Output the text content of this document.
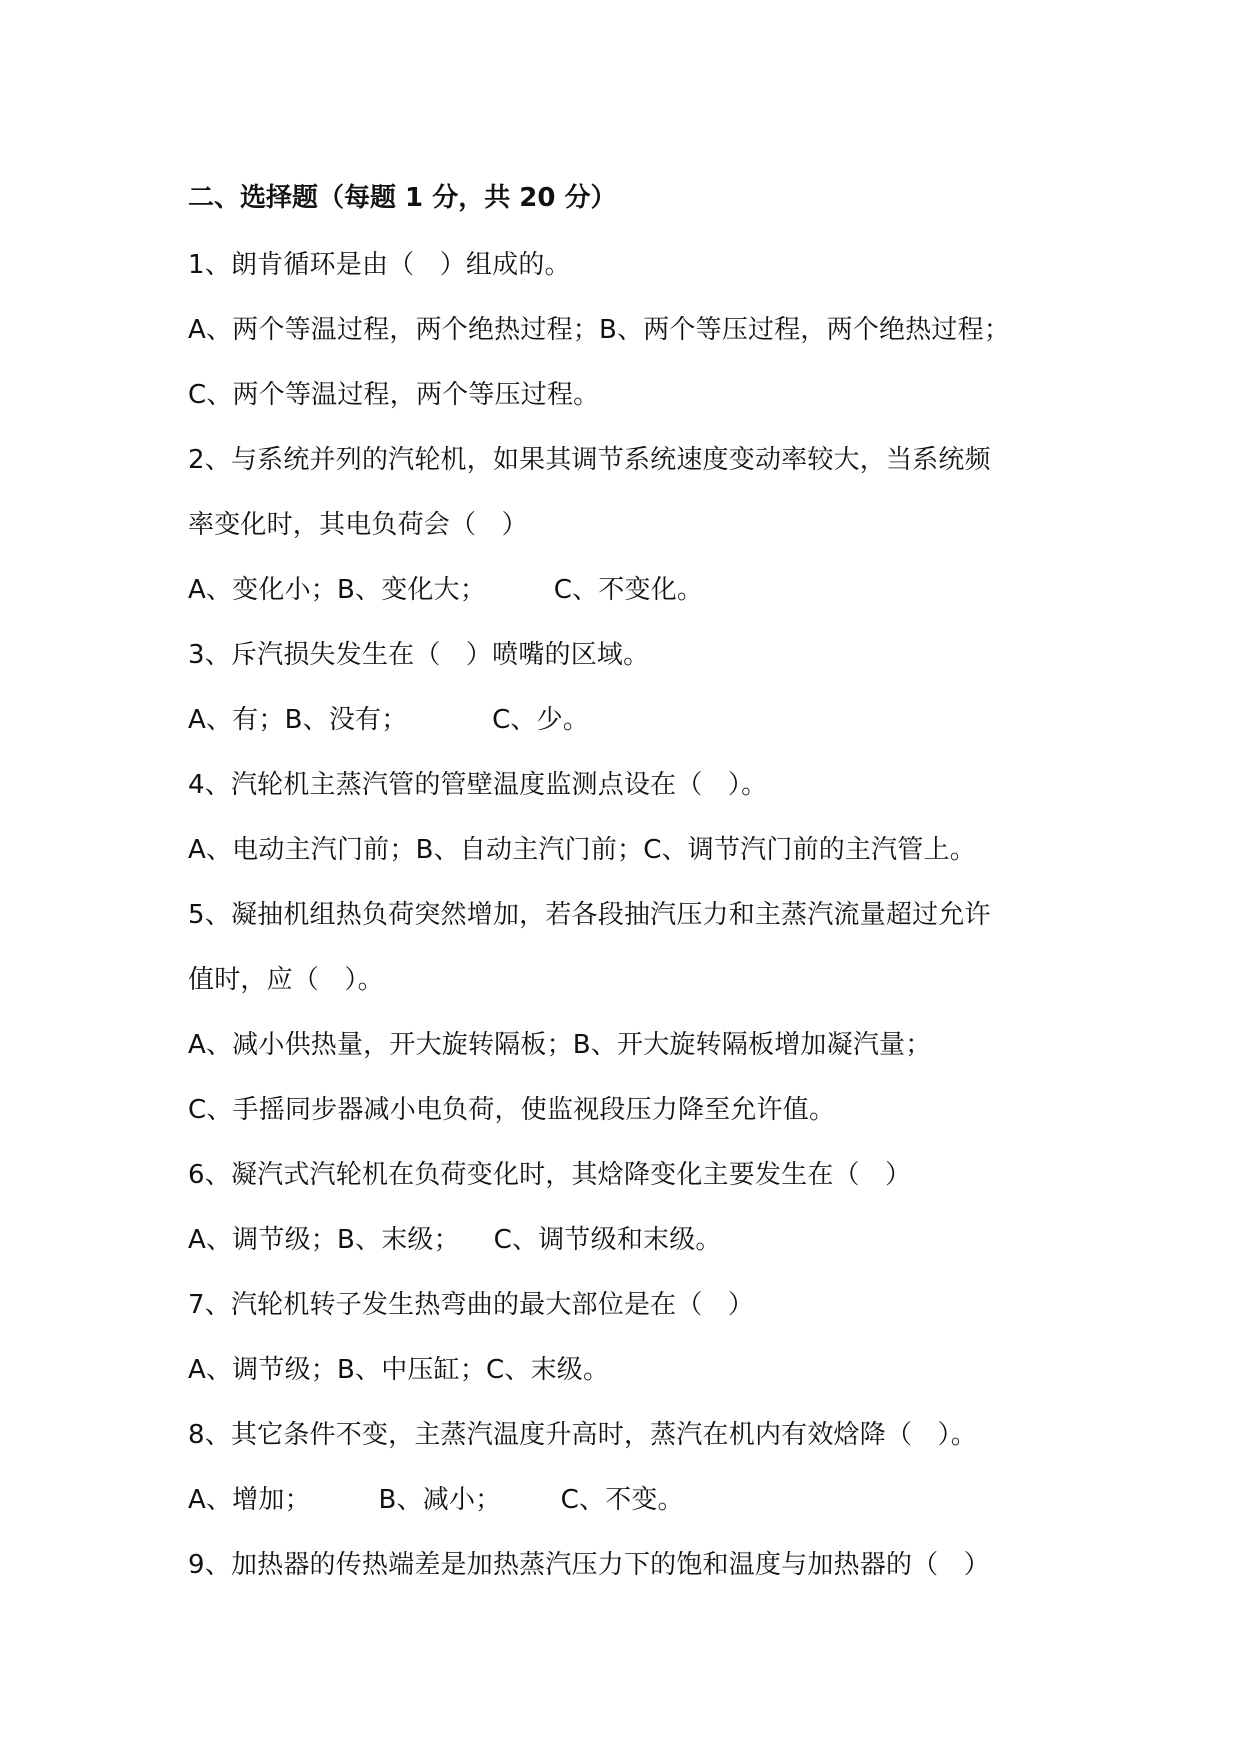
二、选择题（每题 1 分，共 20 分）
1、朗肯循环是由（   ）组成的。
A、两个等温过程，两个绝热过程；B、两个等压过程，两个绝热过程；
C、两个等温过程，两个等压过程。
2、与系统并列的汽轮机，如果其调节系统速度变动率较大，当系统频
率变化时，其电负荷会（   ）
A、变化小；B、变化大；        C、不变化。
3、斥汽损失发生在（   ）喷嘴的区域。
A、有；B、没有；          C、少。
4、汽轮机主蒸汽管的管壁温度监测点设在（   ）。
A、电动主汽门前；B、自动主汽门前；C、调节汽门前的主汽管上。
5、凝抽机组热负荷突然增加，若各段抽汽压力和主蒸汽流量超过允许
值时，应（   ）。
A、减小供热量，开大旋转隔板；B、开大旋转隔板增加凝汽量；
C、手摇同步器减小电负荷，使监视段压力降至允许值。
6、凝汽式汽轮机在负荷变化时，其焓降变化主要发生在（   ）
A、调节级；B、末级；    C、调节级和末级。
7、汽轮机转子发生热弯曲的最大部位是在（   ）
A、调节级；B、中压缸；C、末级。
8、其它条件不变，主蒸汽温度升高时，蒸汽在机内有效焓降（   ）。
A、增加；        B、减小；       C、不变。
9、加热器的传热端差是加热蒸汽压力下的饱和温度与加热器的（   ）
